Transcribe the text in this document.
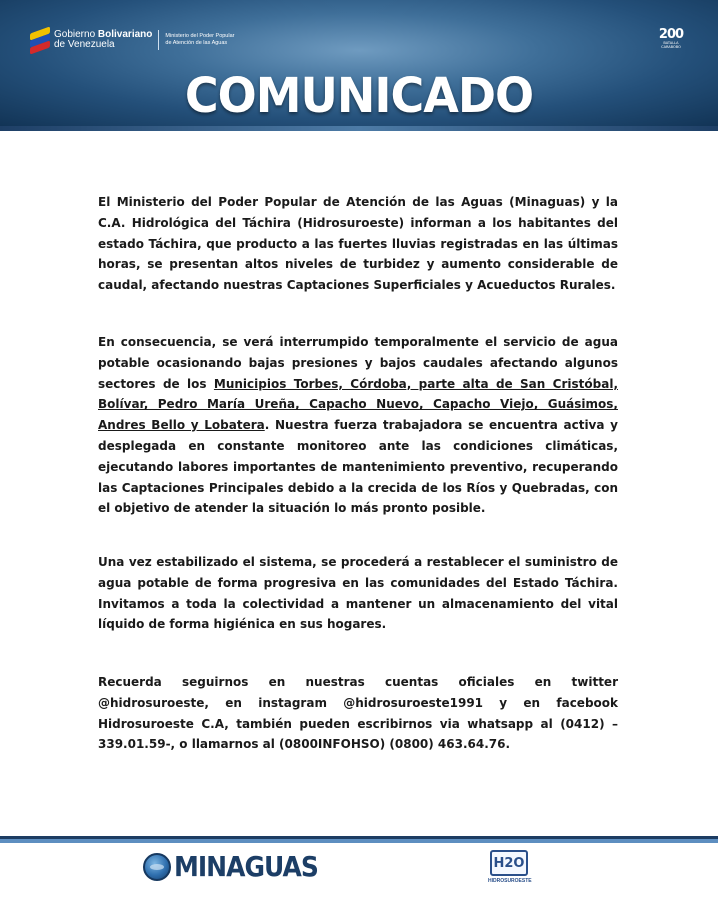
Gobierno Bolivariano
de Venezuela
Ministerio del Poder Popular
de Atención de las Aguas
200
BATALLA CARABOBO
COMUNICADO

El Ministerio del Poder Popular de Atención de las Aguas (Minaguas) y la C.A. Hidrológica del Táchira (Hidrosuroeste) informan a los habitantes del estado Táchira, que producto a las fuertes lluvias registradas en las últimas horas, se presentan altos niveles de turbidez y aumento considerable de caudal, afectando nuestras Captaciones Superficiales y Acueductos Rurales.

En consecuencia, se verá interrumpido temporalmente el servicio de agua potable ocasionando bajas presiones y bajos caudales afectando algunos sectores de los Municipios Torbes, Córdoba, parte alta de San Cristóbal, Bolívar, Pedro María Ureña, Capacho Nuevo, Capacho Viejo, Guásimos, Andres Bello y Lobatera. Nuestra fuerza trabajadora se encuentra activa y desplegada en constante monitoreo ante las condiciones climáticas, ejecutando labores importantes de mantenimiento preventivo, recuperando las Captaciones Principales debido a la crecida de los Ríos y Quebradas, con el objetivo de atender la situación lo más pronto posible.

Una vez estabilizado el sistema, se procederá a restablecer el suministro de agua potable de forma progresiva en las comunidades del Estado Táchira. Invitamos a toda la colectividad a mantener un almacenamiento del vital líquido de forma higiénica en sus hogares.

Recuerda seguirnos en nuestras cuentas oficiales en twitter @hidrosuroeste, en instagram @hidrosuroeste1991 y en facebook Hidrosuroeste C.A, también pueden escribirnos via whatsapp al (0412) – 339.01.59-, o llamarnos al (0800INFOHSO) (0800) 463.64.76.

MINAGUAS	H2O
HIDROSUROESTE
